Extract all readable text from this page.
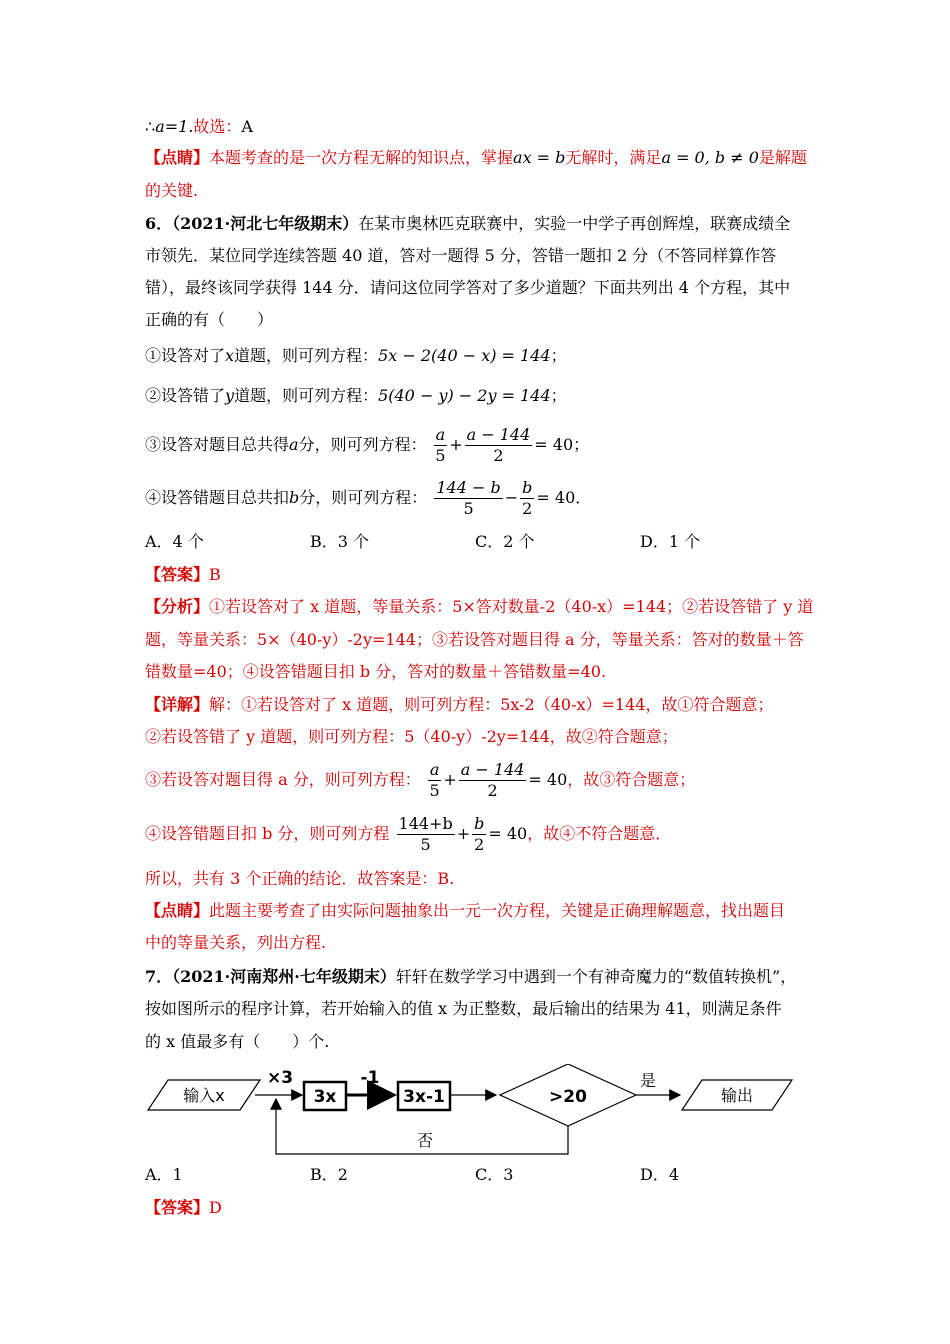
∴a=1.故选：A
【点睛】本题考查的是一次方程无解的知识点，掌握ax = b无解时，满足a = 0, b ≠ 0是解题
的关键.
6．（2021·河北七年级期末）在某市奥林匹克联赛中，实验一中学子再创辉煌，联赛成绩全
市领先．某位同学连续答题 40 道，答对一题得 5 分，答错一题扣 2 分（不答同样算作答
错），最终该同学获得 144 分．请问这位同学答对了多少道题？下面共列出 4 个方程，其中
正确的有（　　）
①设答对了x道题，则可列方程：5x − 2(40 − x) = 144；
②设答错了y道题，则可列方程：5(40 − y) − 2y = 144；
③设答对题目总共得a分，则可列方程： $\frac{a}{5} + \frac{a - 144}{2} = 40$；
④设答错题目总共扣b分，则可列方程： $\frac{144 - b}{5} - \frac{b}{2} = 40$．
A．4 个	B．3 个	C．2 个	D．1 个
【答案】B
【分析】①若设答对了 x 道题，等量关系：5×答对数量-2（40-x）=144；②若设答错了 y 道
题，等量关系：5×（40-y）-2y=144；③若设答对题目得 a 分，等量关系：答对的数量＋答
错数量=40；④设答错题目扣 b 分，答对的数量＋答错数量=40.
【详解】解：①若设答对了 x 道题，则可列方程：5x-2（40-x）=144，故①符合题意；
②若设答错了 y 道题，则可列方程：5（40-y）-2y=144，故②符合题意；
③若设答对题目得 a 分，则可列方程： $\frac{a}{5} + \frac{a - 144}{2} = 40$，故③符合题意；
④设答错题目扣 b 分，则可列方程 $\frac{144+b}{5} + \frac{b}{2} = 40$，故④不符合题意．
所以，共有 3 个正确的结论．故答案是：B.
【点睛】此题主要考查了由实际问题抽象出一元一次方程，关键是正确理解题意，找出题目
中的等量关系，列出方程.
7．（2021·河南郑州·七年级期末）轩轩在数学学习中遇到一个有神奇魔力的“数值转换机”，
按如图所示的程序计算，若开始输入的值 x 为正整数，最后输出的结果为 41，则满足条件
的 x 值最多有（　　）个.
输入x
×3
3x
-1
3x-1	>20
是
输出
否
A．1	B．2	C．3	D．4
【答案】D
